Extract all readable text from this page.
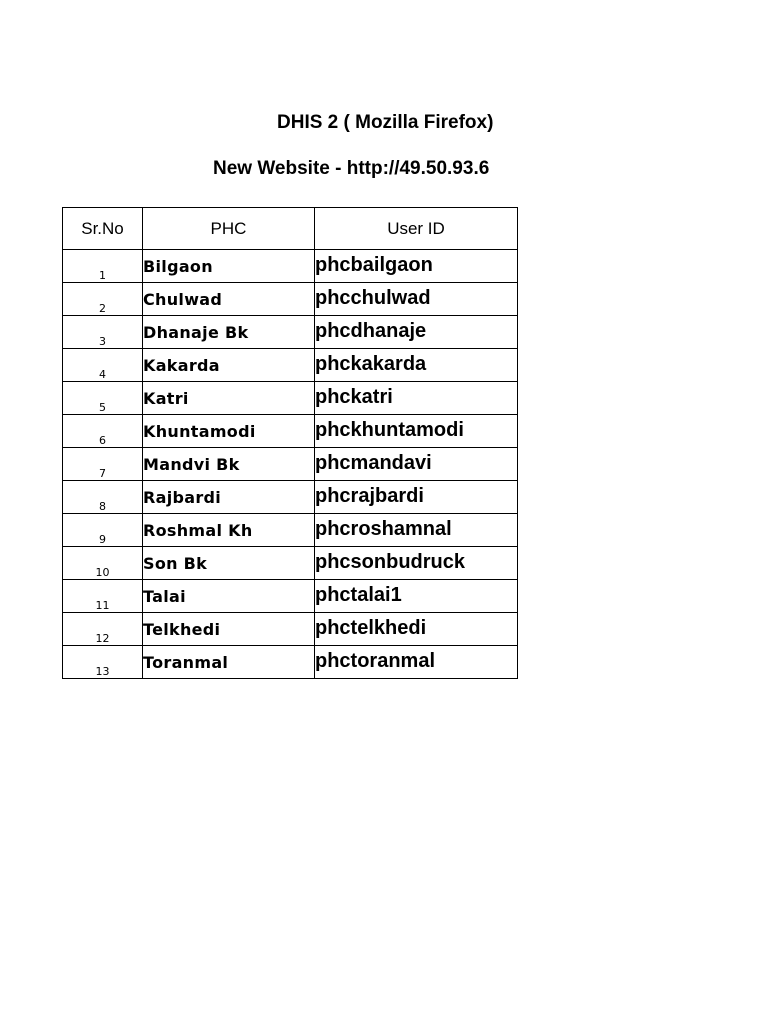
DHIS 2 ( Mozilla Firefox)
New Website - http://49.50.93.6
Sr.No	PHC	User ID
1	Bilgaon	phcbailgaon
2	Chulwad	phcchulwad
3	Dhanaje Bk	phcdhanaje
4	Kakarda	phckakarda
5	Katri	phckatri
6	Khuntamodi	phckhuntamodi
7	Mandvi Bk	phcmandavi
8	Rajbardi	phcrajbardi
9	Roshmal Kh	phcroshamnal
10	Son Bk	phcsonbudruck
11	Talai	phctalai1
12	Telkhedi	phctelkhedi
13	Toranmal	phctoranmal
